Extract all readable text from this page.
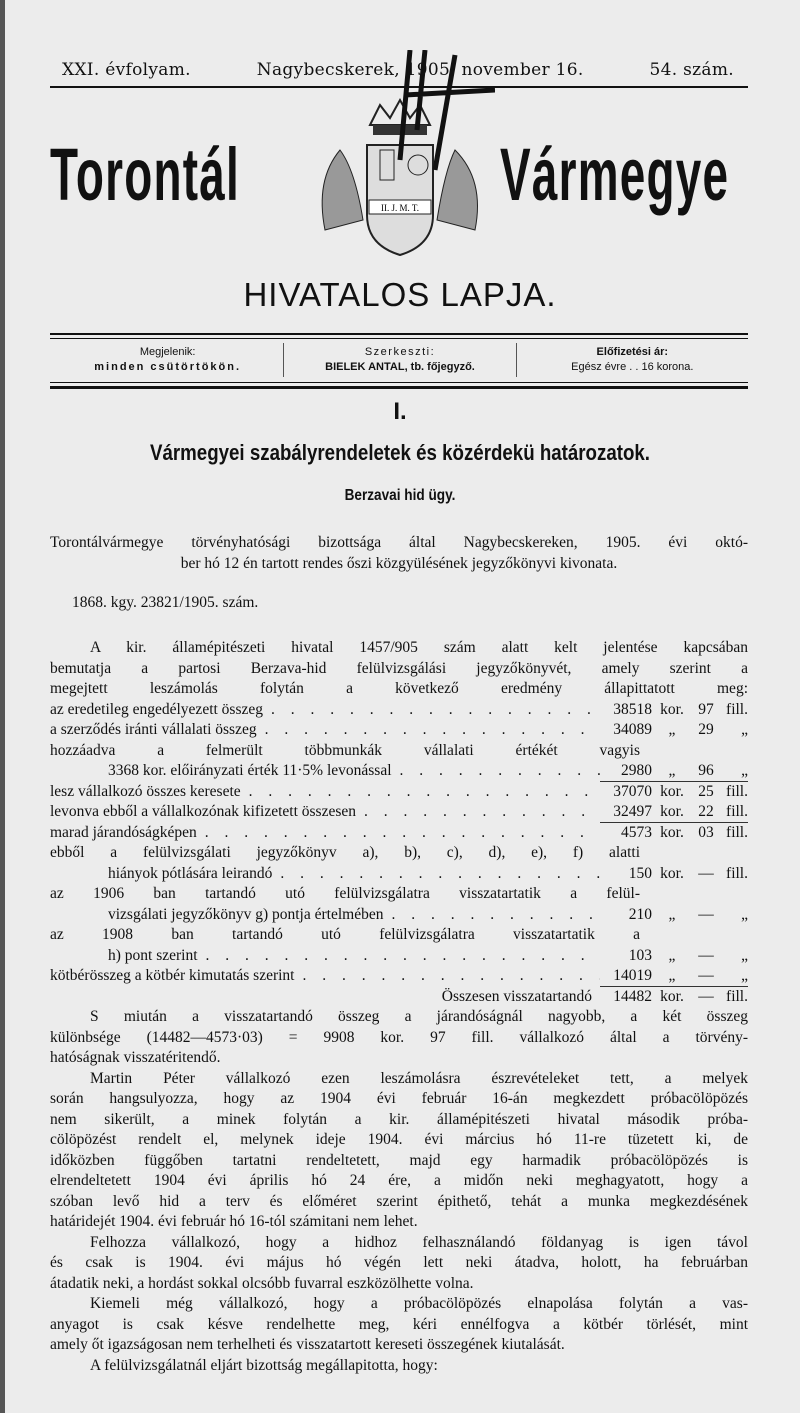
XXI. évfolyam.	Nagybecskerek, 1905. november 16.	54. szám.
Torontál	Vármegye
II. J. M. T.
HIVATALOS LAPJA.
Megjelenik:
minden csütörtökön.
Szerkeszti:
BIELEK ANTAL, tb. főjegyző.
Előfizetési ár:
Egész évre . . 16 korona.
I.
Vármegyei szabályrendeletek és közérdekü határozatok.
Berzavai hid ügy.
Torontálvármegye törvényhatósági bizottsága által Nagybecskereken, 1905. évi októ-
ber hó 12 én tartott rendes őszi közgyülésének jegyzőkönyvi kivonata.
1868. kgy. 23821/1905. szám.
A kir. államépitészeti hivatal 1457/905 szám alatt kelt jelentése kapcsában
bemutatja a partosi Berzava-hid felülvizsgálási jegyzőkönyvét, amely szerint a
megejtett leszámolás folytán a következő eredmény állapittatott meg:
az eredetileg engedélyezett összeg . . .	38518 kor. 97 fill.
a szerződés iránti vállalati összeg . . .	34089	„	29	„
hozzáadva a felmerült többmunkák vállalati értékét vagyis
3368 kor. előirányzati érték 11·5% levonással . . .	2980	„	96	„
lesz vállalkozó összes keresete . . .	37070 kor. 25 fill.
levonva ebből a vállalkozónak kifizetett összesen . . .	32497 kor. 22 fill.
marad járandóságképen . . .	4573 kor. 03 fill.
ebből a felülvizsgálati jegyzőkönyv a), b), c), d), e), f) alatti
hiányok pótlására leirandó . . .	150 kor. — fill.
az 1906 ban tartandó utó felülvizsgálatra visszatartatik a felül-
vizsgálati jegyzőkönyv g) pontja értelmében . . .	210	„	—	„
az 1908 ban tartandó utó felülvizsgálatra visszatartatik a
h) pont szerint . . .	103	„	—	„
kötbérösszeg a kötbér kimutatás szerint . . .	14019	„	—	„
Összesen visszatartandó	14482 kor. — fill.
S miután a visszatartandó összeg a járandóságnál nagyobb, a két összeg
különbsége (14482—4573·03) = 9908 kor. 97 fill. vállalkozó által a törvény-
hatóságnak visszatéritendő.
Martin Péter vállalkozó ezen leszámolásra észrevételeket tett, a melyek
során hangsulyozza, hogy az 1904 évi február 16-án megkezdett próbacölöpözés
nem sikerült, a minek folytán a kir. államépitészeti hivatal második próba-
cölöpözést rendelt el, melynek ideje 1904. évi március hó 11-re tüzetett ki, de
időközben függőben tartatni rendeltetett, majd egy harmadik próbacölöpözés is
elrendeltetett 1904 évi április hó 24 ére, a midőn neki meghagyatott, hogy a
szóban levő hid a terv és előméret szerint épithető, tehát a munka megkezdésének
határidejét 1904. évi február hó 16-tól számitani nem lehet.
Felhozza vállalkozó, hogy a hidhoz felhasználandó földanyag is igen távol
és csak is 1904. évi május hó végén lett neki átadva, holott, ha februárban
átadatik neki, a hordást sokkal olcsóbb fuvarral eszközölhette volna.
Kiemeli még vállalkozó, hogy a próbacölöpözés elnapolása folytán a vas-
anyagot is csak késve rendelhette meg, kéri ennélfogva a kötbér törlését, mint
amely őt igazságosan nem terhelheti és visszatartott kereseti összegének kiutalását.
A felülvizsgálatnál eljárt bizottság megállapitotta, hogy:
